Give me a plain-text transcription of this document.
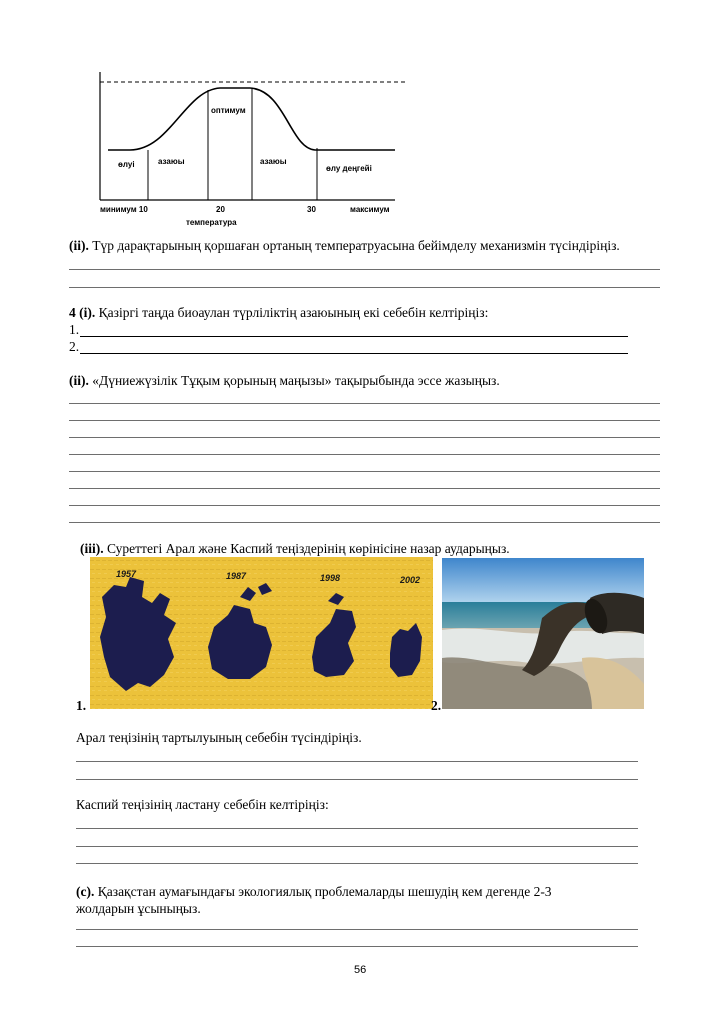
өлуі	азаюы
оптимум
азаюы
өлу деңгейі
минимум 10	20	30	максимум
температура
(ii). Түр дарақтарының қоршаған ортаның температруасына бейімделу механизмін түсіндіріңіз.
4 (i). Қазіргі таңда биоаулан түрліліктің азаюының екі себебін келтіріңіз:
1.
2.
(ii). «Дүниежүзілік Тұқым қорының маңызы» тақырыбында эссе жазыңыз.
(iii). Суреттегі Арал және Каспий теңіздерінің көрінісіне назар аударыңыз.
1957	1987	1998	2002
1.	2.
Арал теңізінің тартылуының себебін түсіндіріңіз.
Каспий теңізінің ластану себебін келтіріңіз:
(c). Қазақстан аумағындағы экологиялық проблемаларды шешудің кем дегенде 2-3
жолдарын ұсыныңыз.
56
